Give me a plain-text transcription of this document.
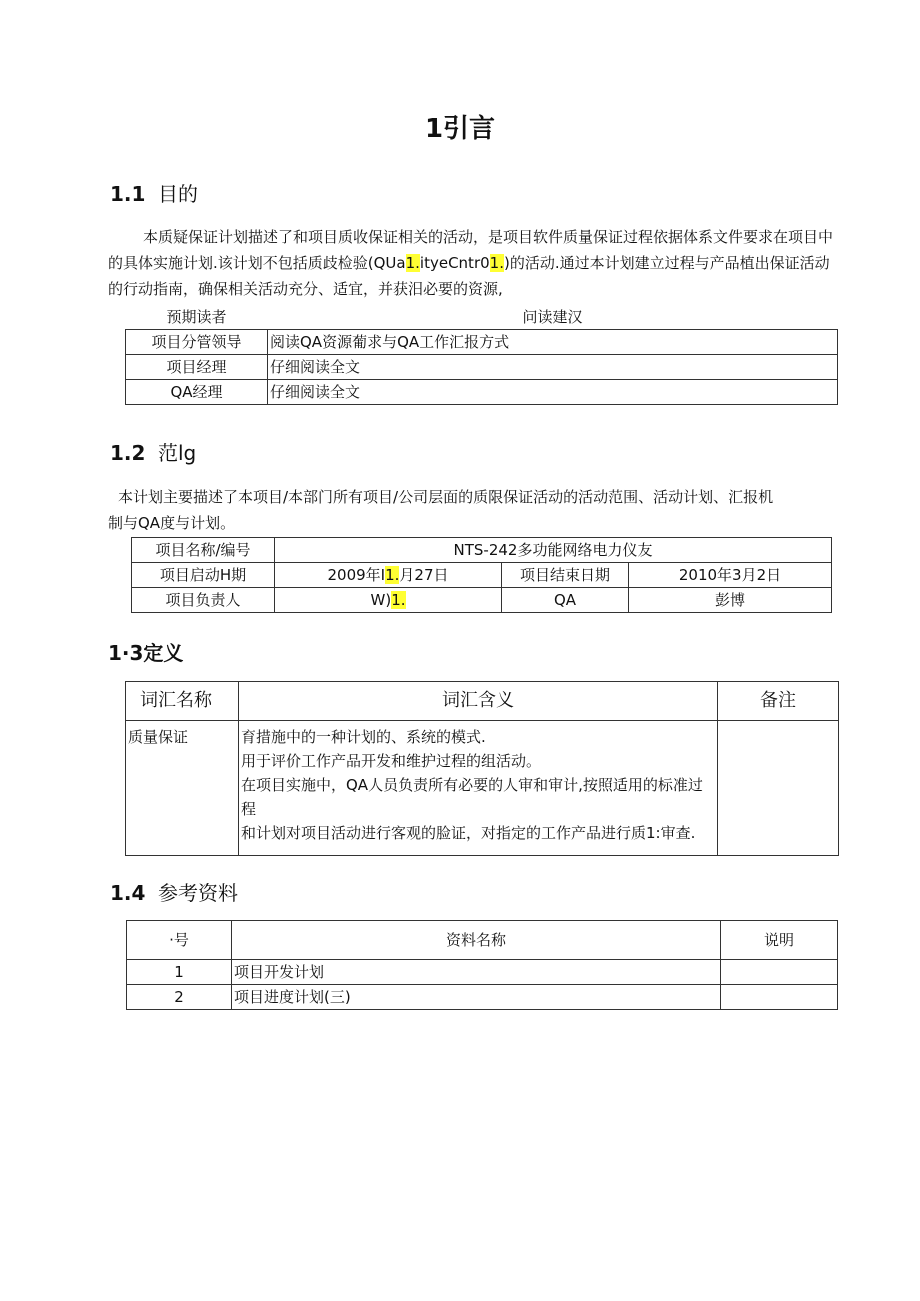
1引言
1.1 目的
本质疑保证计划描述了和项目质收保证相关的活动，是项目软件质量保证过程依据体系文件要求在项目中
的具体实施计划.该计划不包括质歧检验(QUa1.ityeCntr01.)的活动.通过本计划建立过程与产品植出保证活动
的行动指南，确保相关活动充分、适宜，并获汨必要的资源,
预期读者	问读建汉
项目分管领导	阅读QA资源葡求与QA工作汇报方式
项目经理	仔细阅读全文
QA经理	仔细阅读全文
1.2 范lg
本计划主要描述了本项目/本部门所有项目/公司层面的质限保证活动的活动范围、活动计划、汇报机
制与QA度与计划。
项目名称/编号	NTS-242多功能网络电力仪友		
项目启动H期	2009年I1.月27日	项目结束日期	2010年3月2日
项目负责人	W)1.	QA	彭博
1·3定义
词汇名称	词汇含义	备注
质量保证	育措施中的一种计划的、系统的模式.
用于评价工作产品开发和维护过程的组活动。
在项目实施中，QA人员负责所有必要的人审和审计,按照适用的标准过程
和计划对项目活动进行客观的脸证，对指定的工作产品进行质1:审查.	

1.4 参考资料
·号	资料名称	说明
1	项目开发计划	
2	项目进度计划(三)	
